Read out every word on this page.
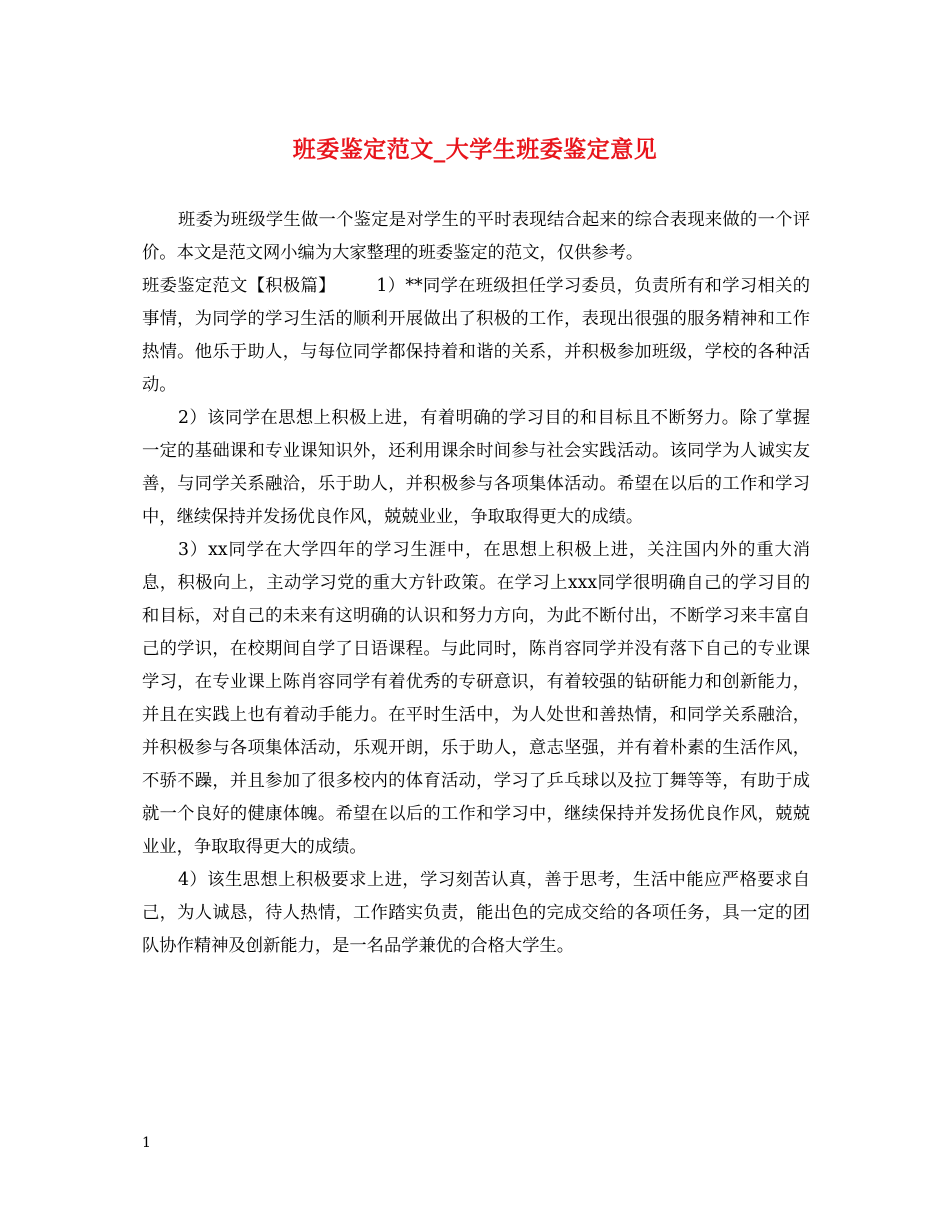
班委鉴定范文_大学生班委鉴定意见

班委为班级学生做一个鉴定是对学生的平时表现结合起来的综合表现来做的一个评价。本文是范文网小编为大家整理的班委鉴定的范文，仅供参考。

班委鉴定范文【积极篇】 1）**同学在班级担任学习委员，负责所有和学习相关的事情，为同学的学习生活的顺利开展做出了积极的工作，表现出很强的服务精神和工作热情。他乐于助人，与每位同学都保持着和谐的关系，并积极参加班级，学校的各种活动。

2）该同学在思想上积极上进，有着明确的学习目的和目标且不断努力。除了掌握一定的基础课和专业课知识外，还利用课余时间参与社会实践活动。该同学为人诚实友善，与同学关系融洽，乐于助人，并积极参与各项集体活动。希望在以后的工作和学习中，继续保持并发扬优良作风，兢兢业业，争取取得更大的成绩。

3）xx同学在大学四年的学习生涯中，在思想上积极上进，关注国内外的重大消息，积极向上，主动学习党的重大方针政策。在学习上xxx同学很明确自己的学习目的和目标，对自己的未来有这明确的认识和努力方向，为此不断付出，不断学习来丰富自己的学识，在校期间自学了日语课程。与此同时，陈肖容同学并没有落下自己的专业课学习，在专业课上陈肖容同学有着优秀的专研意识，有着较强的钻研能力和创新能力，并且在实践上也有着动手能力。在平时生活中，为人处世和善热情，和同学关系融洽，并积极参与各项集体活动，乐观开朗，乐于助人，意志坚强，并有着朴素的生活作风，不骄不躁，并且参加了很多校内的体育活动，学习了乒乓球以及拉丁舞等等，有助于成就一个良好的健康体魄。希望在以后的工作和学习中，继续保持并发扬优良作风，兢兢业业，争取取得更大的成绩。

4）该生思想上积极要求上进，学习刻苦认真，善于思考，生活中能应严格要求自己，为人诚恳，待人热情，工作踏实负责，能出色的完成交给的各项任务，具一定的团队协作精神及创新能力，是一名品学兼优的合格大学生。

1
